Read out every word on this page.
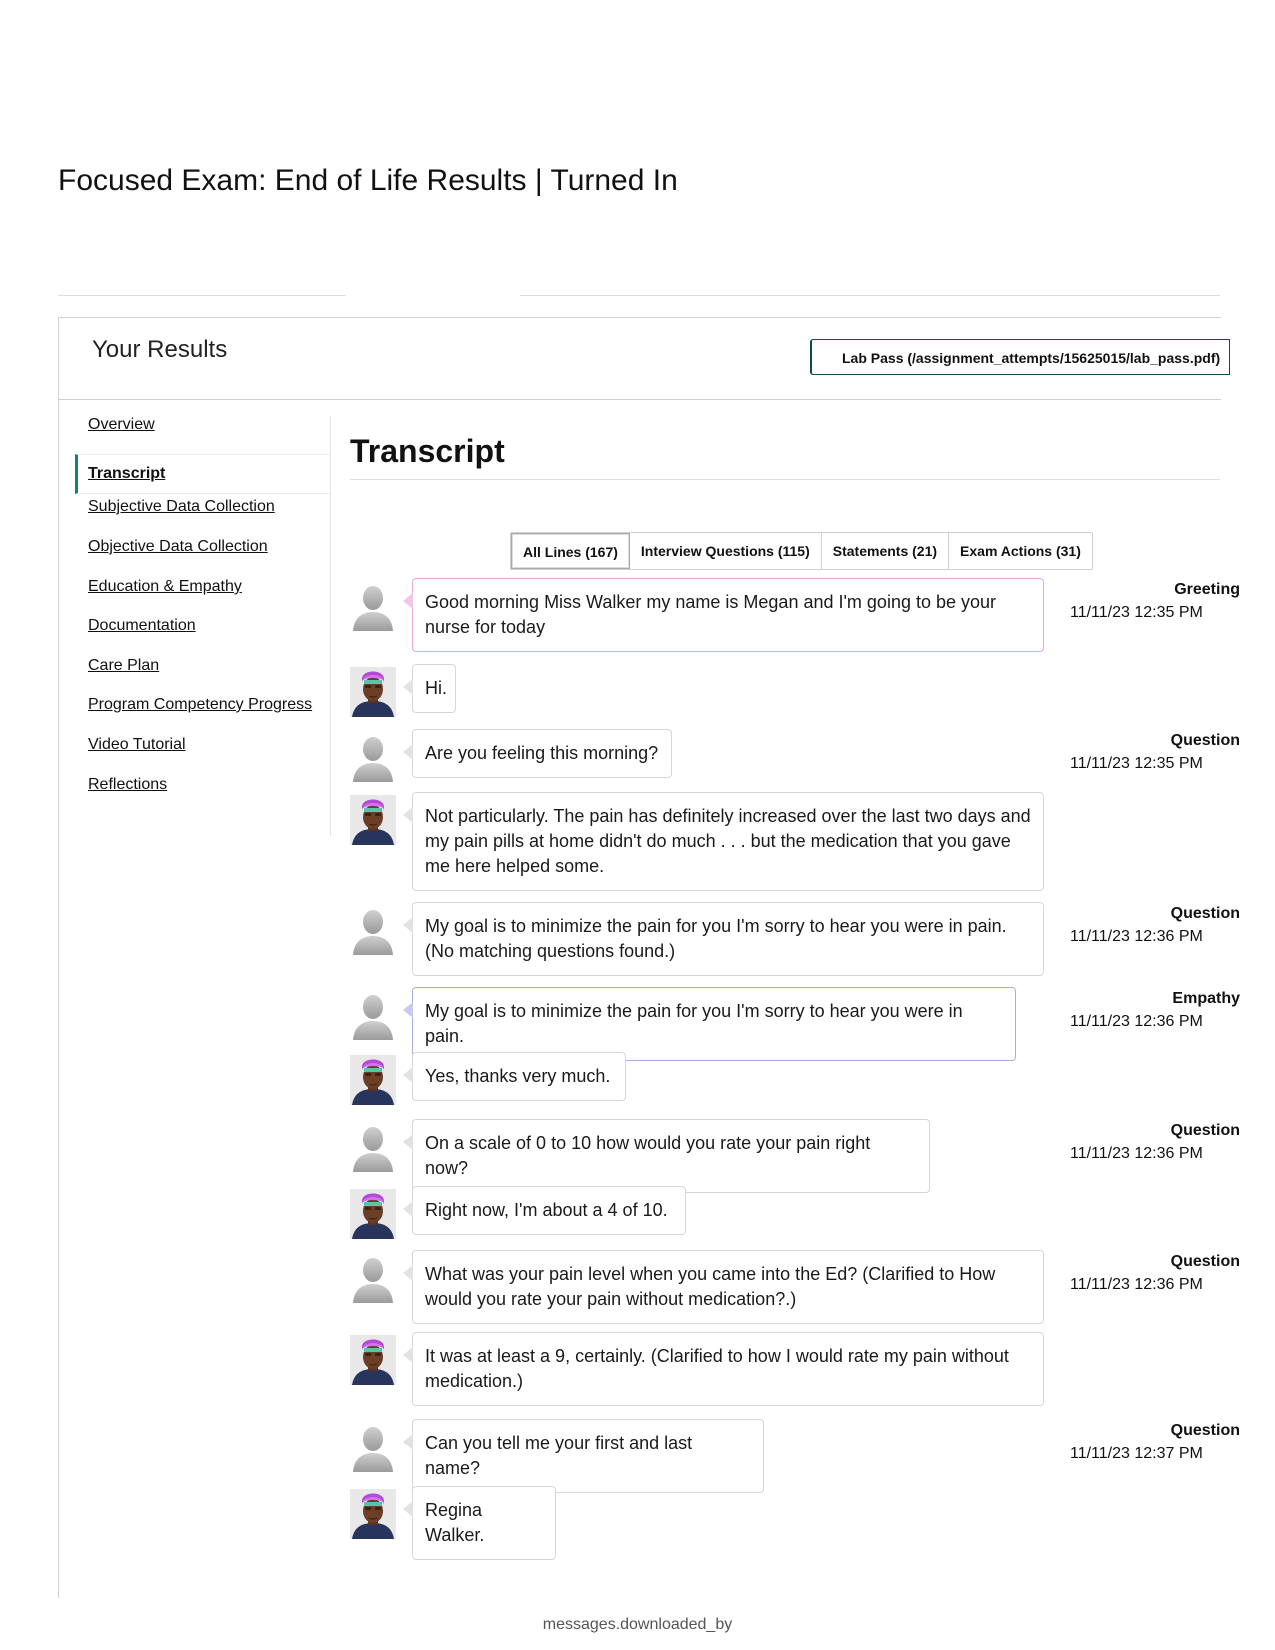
Focused Exam: End of Life Results | Turned In
Your Results	Lab Pass (/assignment_attempts/15625015/lab_pass.pdf)
Overview
Transcript
Subjective Data Collection
Objective Data Collection
Education & Empathy
Documentation
Care Plan
Program Competency Progress
Video Tutorial
Reflections
Transcript
All Lines (167)	Interview Questions (115)	Statements (21)	Exam Actions (31)
Good morning Miss Walker my name is Megan and I'm going to be your nurse for today
Greeting
11/11/23 12:35 PM
Hi.
Are you feeling this morning?
Question
11/11/23 12:35 PM
Not particularly. The pain has definitely increased over the last two days and my pain pills at home didn't do much . . . but the medication that you gave me here helped some.
My goal is to minimize the pain for you I'm sorry to hear you were in pain. (No matching questions found.)
Question
11/11/23 12:36 PM
My goal is to minimize the pain for you I'm sorry to hear you were in pain.
Empathy
11/11/23 12:36 PM
Yes, thanks very much.
On a scale of 0 to 10 how would you rate your pain right now?
Question
11/11/23 12:36 PM
Right now, I'm about a 4 of 10.
What was your pain level when you came into the Ed? (Clarified to How would you rate your pain without medication?.)
Question
11/11/23 12:36 PM
It was at least a 9, certainly. (Clarified to how I would rate my pain without medication.)
Can you tell me your first and last name?
Question
11/11/23 12:37 PM
Regina Walker.
messages.downloaded_by
